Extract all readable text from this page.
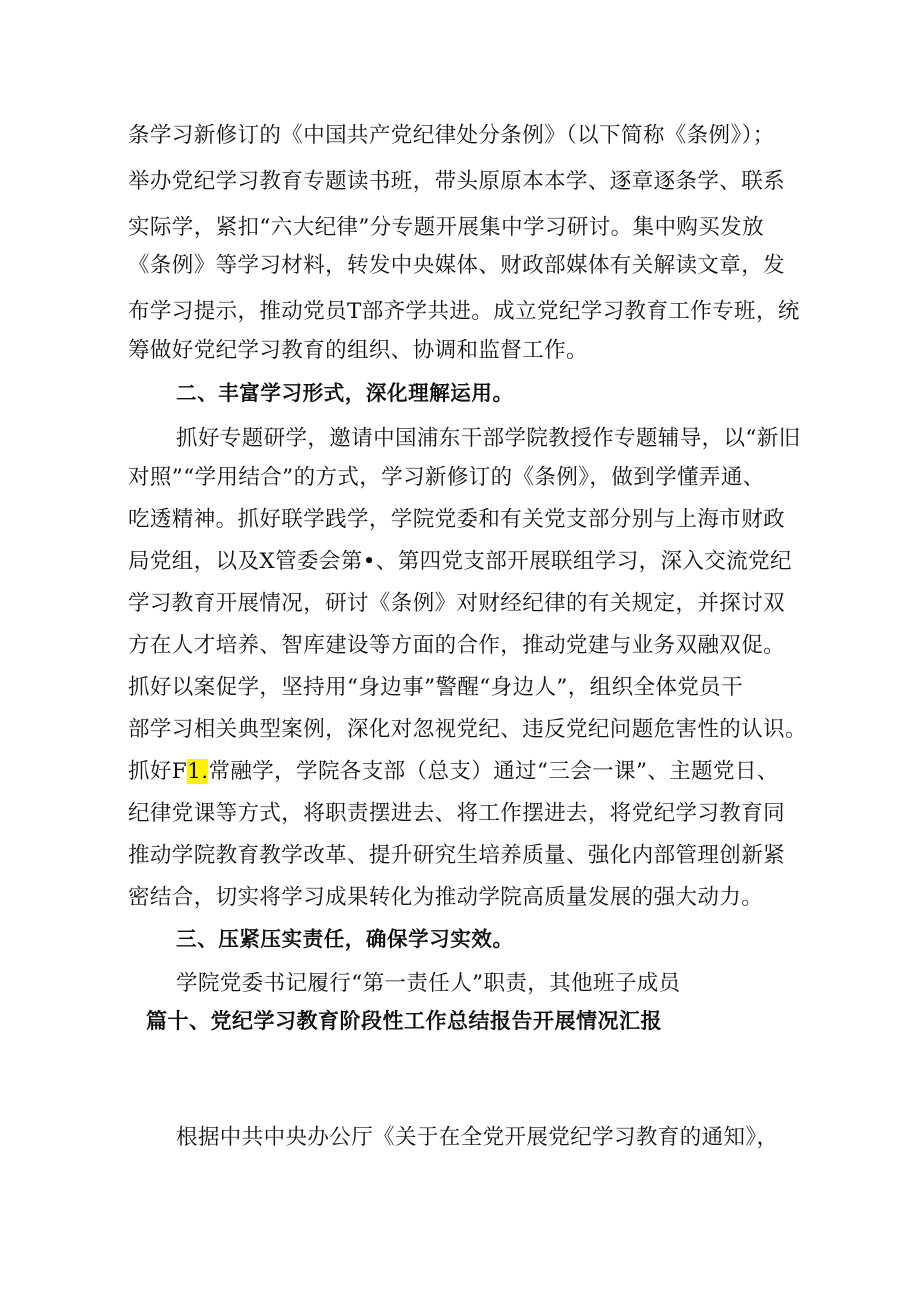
条学习新修订的《中国共产党纪律处分条例》（以下简称《条例》）；
举办党纪学习教育专题读书班，带头原原本本学、逐章逐条学、联系
实际学，紧扣“六大纪律”分专题开展集中学习研讨。集中购买发放
《条例》等学习材料，转发中央媒体、财政部媒体有关解读文章，发
布学习提示，推动党员T部齐学共进。成立党纪学习教育工作专班，统
筹做好党纪学习教育的组织、协调和监督工作。
二、丰富学习形式，深化理解运用。
抓好专题研学，邀请中国浦东干部学院教授作专题辅导，以“新旧
对照”“学用结合”的方式，学习新修订的《条例》，做到学懂弄通、
吃透精神。抓好联学践学，学院党委和有关党支部分别与上海市财政
局党组，以及X管委会第•、第四党支部开展联组学习，深入交流党纪
学习教育开展情况，研讨《条例》对财经纪律的有关规定，并探讨双
方在人才培养、智库建设等方面的合作，推动党建与业务双融双促。
抓好以案促学，坚持用“身边事”警醒“身边人”，组织全体党员干
部学习相关典型案例，深化对忽视党纪、违反党纪问题危害性的认识。
抓好F1.常融学，学院各支部（总支）通过“三会一课”、主题党日、
纪律党课等方式，将职责摆进去、将工作摆进去，将党纪学习教育同
推动学院教育教学改革、提升研究生培养质量、强化内部管理创新紧
密结合，切实将学习成果转化为推动学院高质量发展的强大动力。
三、压紧压实责任，确保学习实效。
学院党委书记履行“第一责任人”职责，其他班子成员
篇十、党纪学习教育阶段性工作总结报告开展情况汇报
根据中共中央办公厅《关于在全党开展党纪学习教育的通知》，
